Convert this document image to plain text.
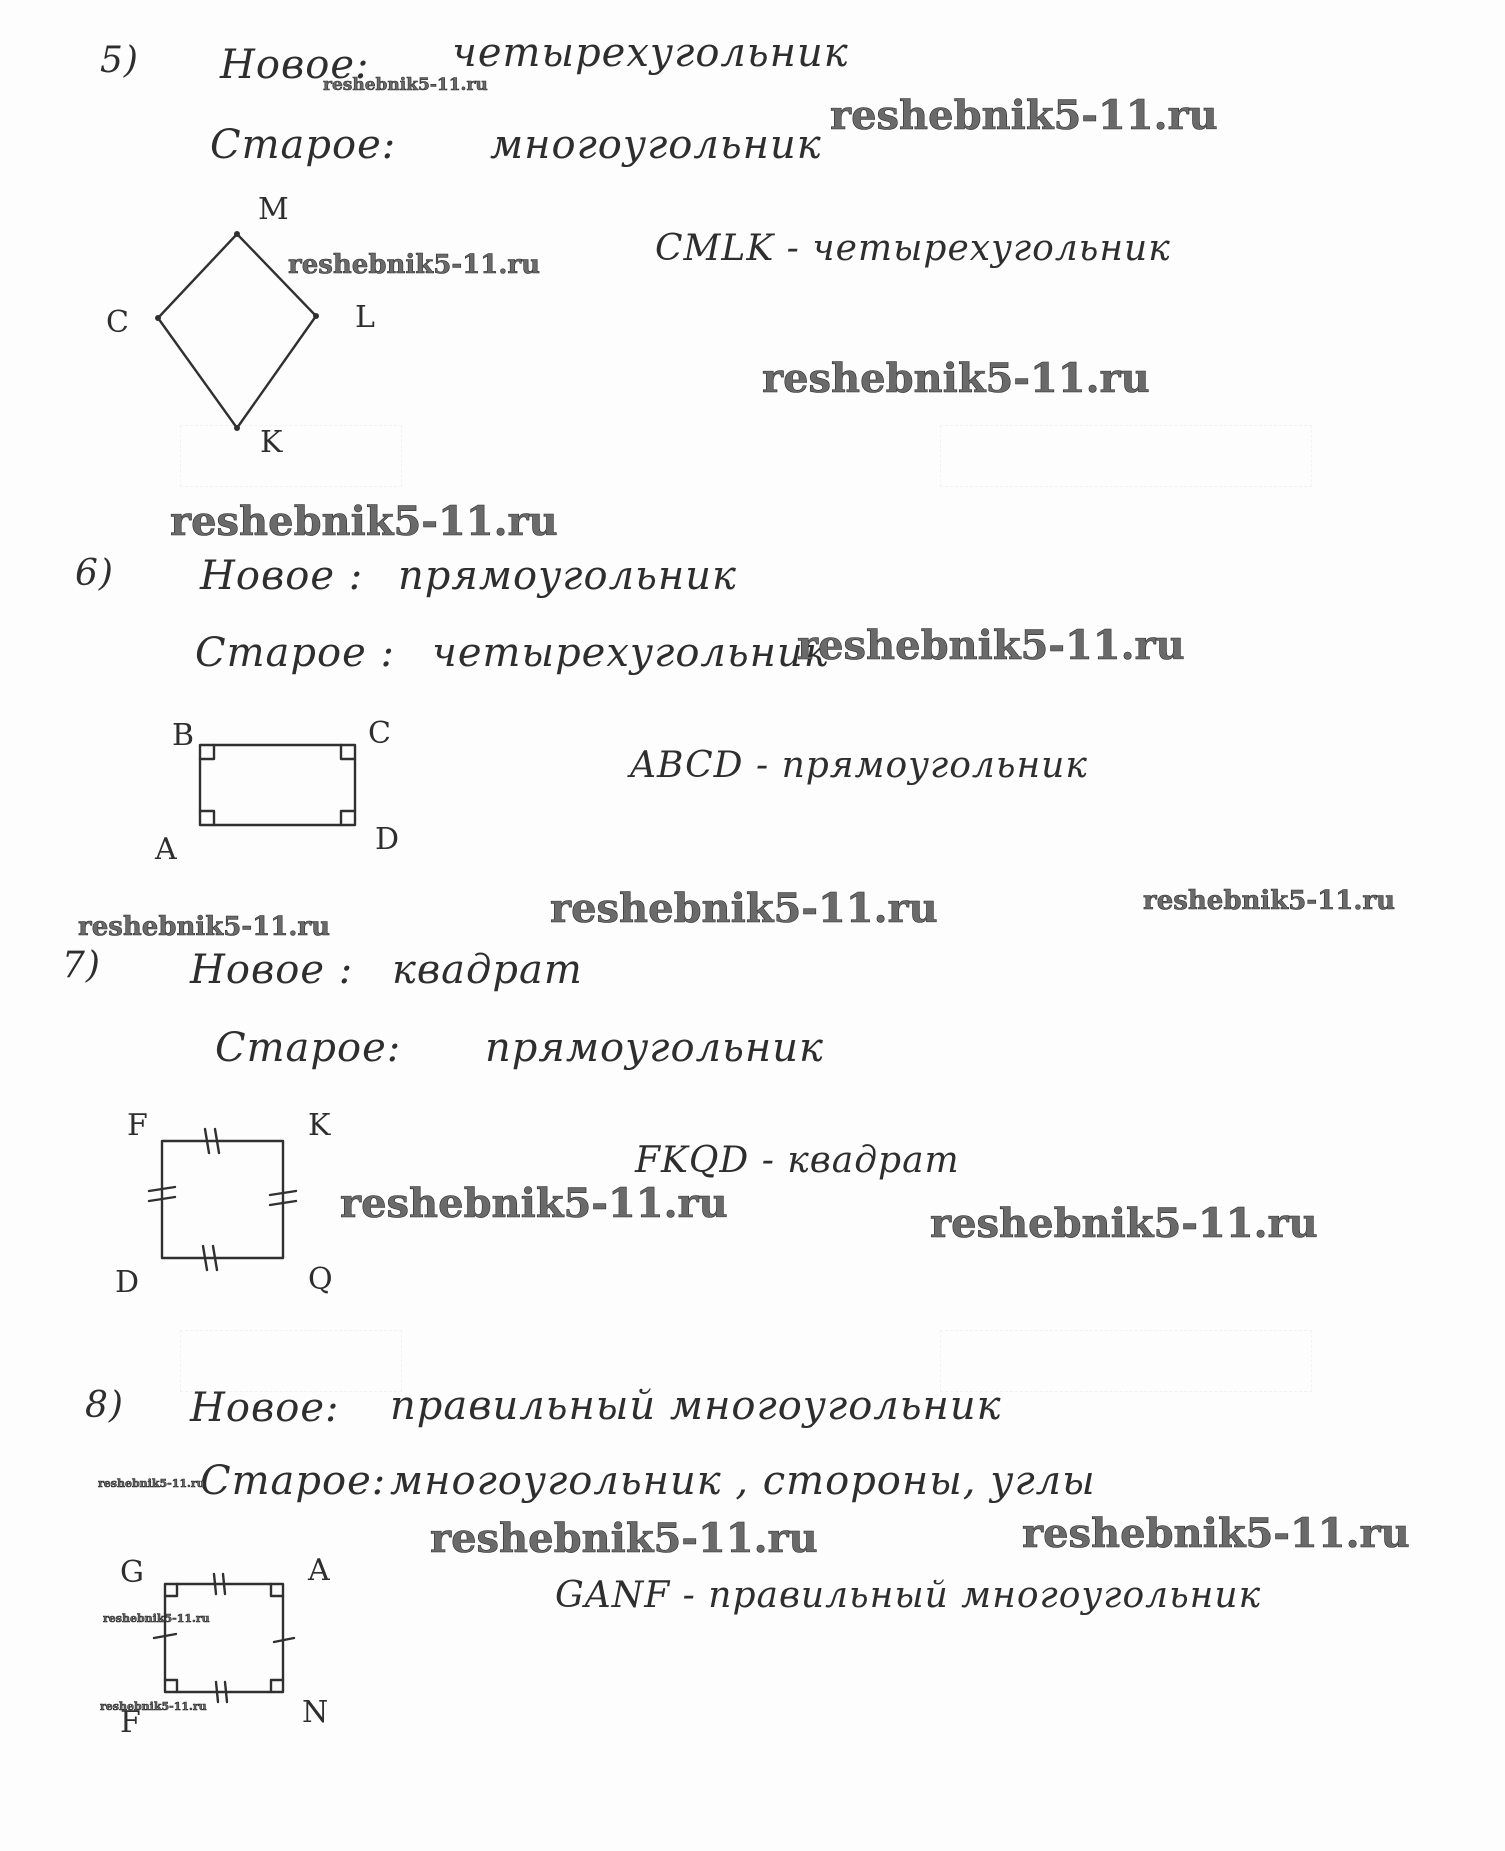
5) Новое: четырехугольник
Старое: многоугольник
CMLK - четырехугольник
M
C	L
K
6) Новое : прямоугольник
Старое : четырехугольник
ABCD - прямоугольник
B	C
A	D
7) Новое : квадрат
Старое: прямоугольник
FKQD - квадрат
F	K
D	Q
8) Новое: правильный многоугольник
Старое: многоугольник , стороны, углы
GANF - правильный многоугольник
G	A
F	N
reshebnik5-11.ru
reshebnik5-11.ru
reshebnik5-11.ru
reshebnik5-11.ru
reshebnik5-11.ru
reshebnik5-11.ru
reshebnik5-11.ru	reshebnik5-11.ru	reshebnik5-11.ru
reshebnik5-11.ru	reshebnik5-11.ru
reshebnik5-11.ru
reshebnik5-11.ru	reshebnik5-11.ru
reshebnik5-11.ru
reshebnik5-11.ru
